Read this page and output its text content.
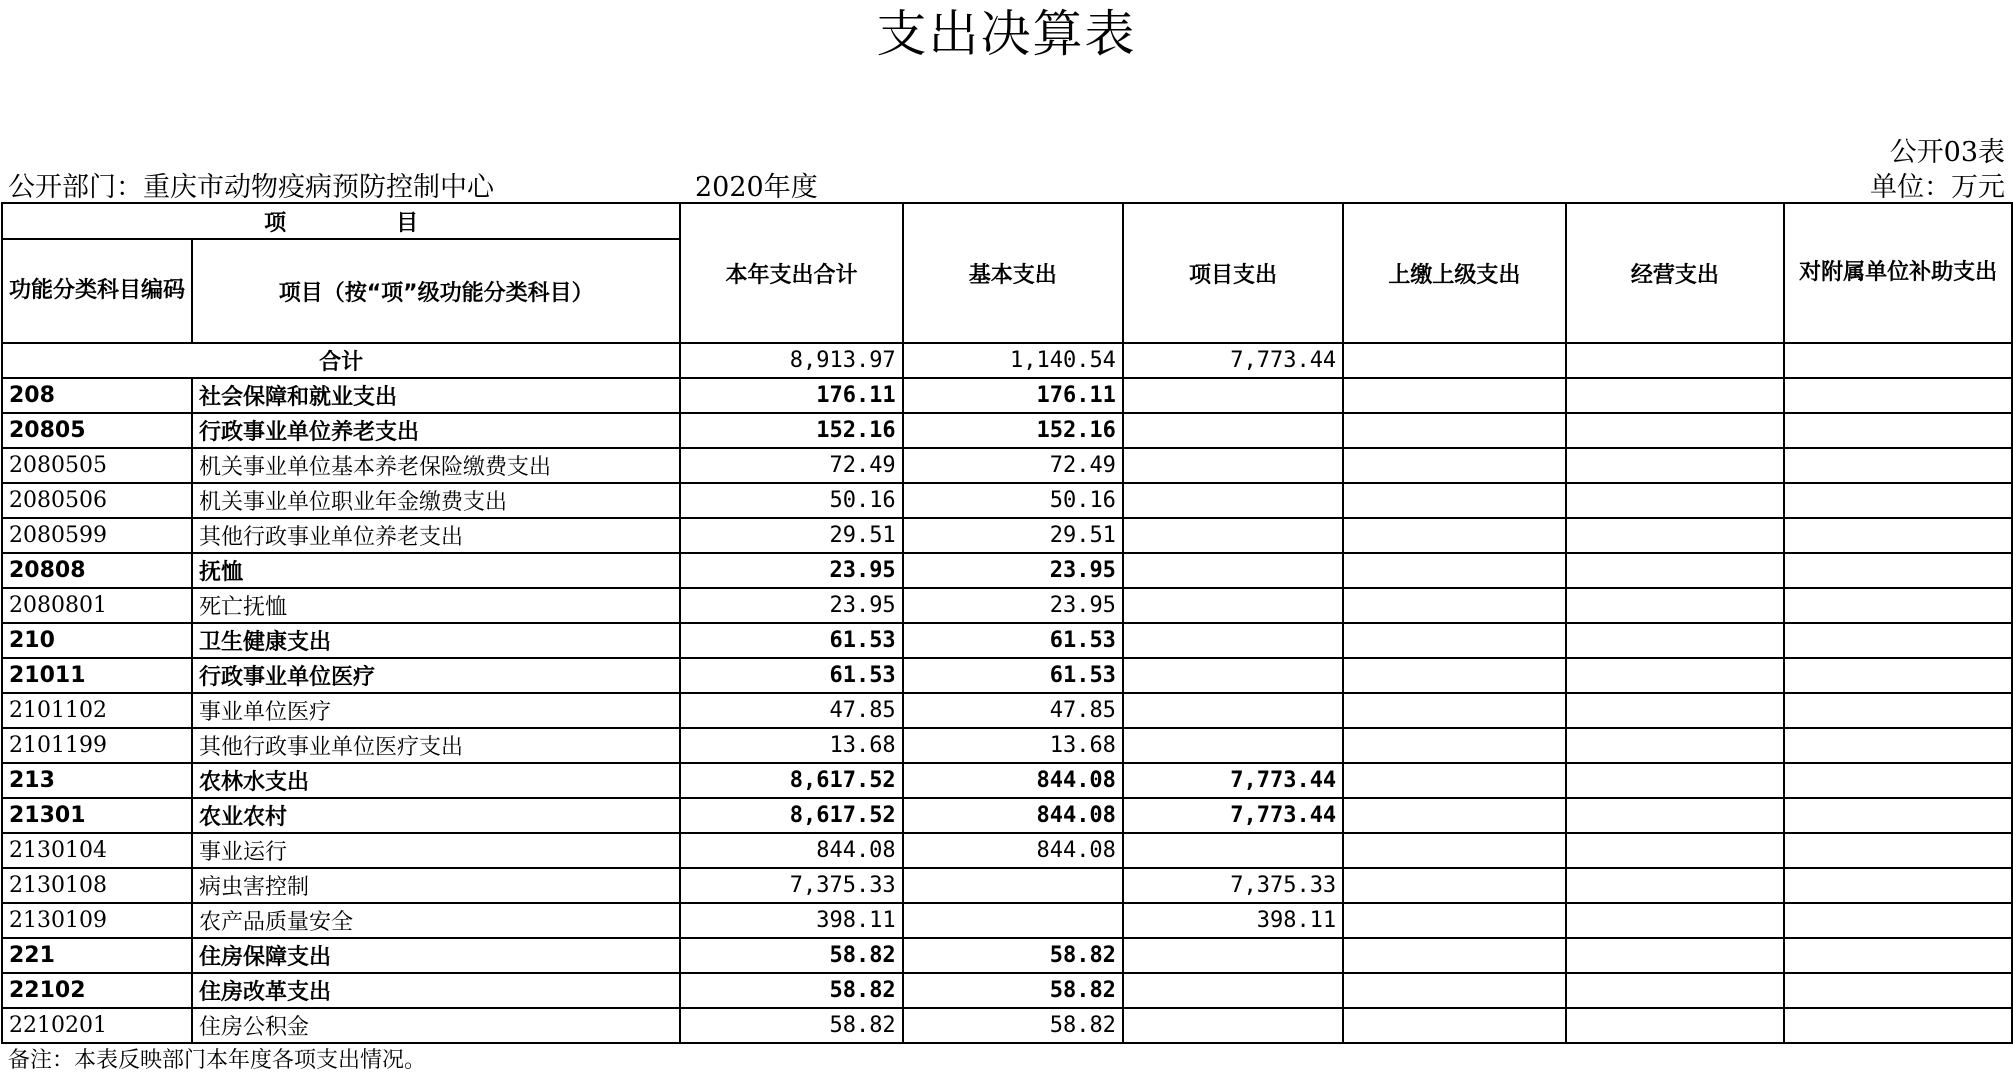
支出决算表
公开03表
公开部门：重庆市动物疫病预防控制中心	2020年度	单位：万元
项　　　　　目		本年支出合计	基本支出	项目支出	上缴上级支出	经营支出	对附属单位补助支出
功能分类科目编码	项目（按“项”级功能分类科目）						
合计		8,913.97	1,140.54	7,773.44			
208	社会保障和就业支出	176.11	176.11				
20805	行政事业单位养老支出	152.16	152.16				
2080505	机关事业单位基本养老保险缴费支出	72.49	72.49				
2080506	机关事业单位职业年金缴费支出	50.16	50.16				
2080599	其他行政事业单位养老支出	29.51	29.51				
20808	抚恤	23.95	23.95				
2080801	死亡抚恤	23.95	23.95				
210	卫生健康支出	61.53	61.53				
21011	行政事业单位医疗	61.53	61.53				
2101102	事业单位医疗	47.85	47.85				
2101199	其他行政事业单位医疗支出	13.68	13.68				
213	农林水支出	8,617.52	844.08	7,773.44			
21301	农业农村	8,617.52	844.08	7,773.44			
2130104	事业运行	844.08	844.08				
2130108	病虫害控制	7,375.33		7,375.33			
2130109	农产品质量安全	398.11		398.11			
221	住房保障支出	58.82	58.82				
22102	住房改革支出	58.82	58.82				
2210201	住房公积金	58.82	58.82				
备注：本表反映部门本年度各项支出情况。
